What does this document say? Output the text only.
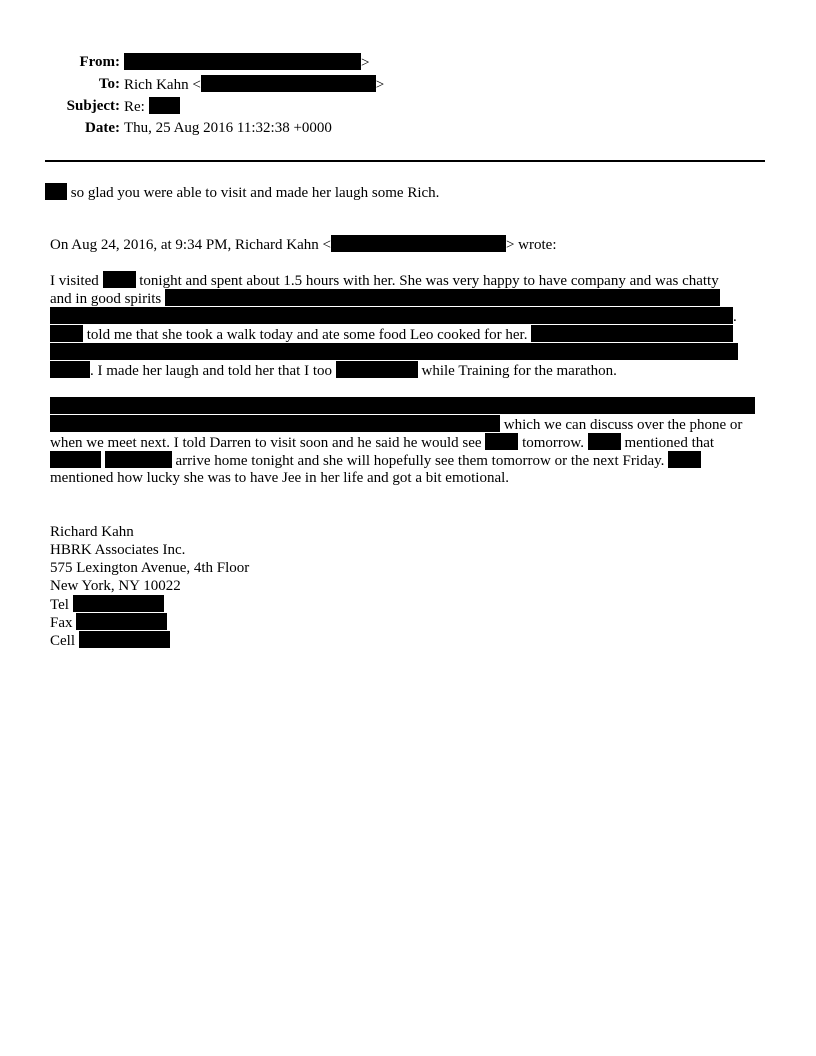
From:	>
To: Rich Kahn <	>
Subject: Re:
Date: Thu, 25 Aug 2016 11:32:38 +0000
so glad you were able to visit and made her laugh some Rich.
On Aug 24, 2016, at 9:34 PM, Richard Kahn <	> wrote:
I visited  tonight and spent about 1.5 hours with her. She was very happy to have company and was chatty
and in good spirits
.
told me that she took a walk today and ate some food Leo cooked for her.
. I made her laugh and told her that I too	while Training for the marathon.
which we can discuss over the phone or
when we meet next. I told Darren to visit soon and he said he would see  tomorrow.  mentioned that
arrive home tonight and she will hopefully see them tomorrow or the next Friday.
mentioned how lucky she was to have Jee in her life and got a bit emotional.
Richard Kahn
HBRK Associates Inc.
575 Lexington Avenue, 4th Floor
New York, NY 10022
Tel
Fax
Cell
